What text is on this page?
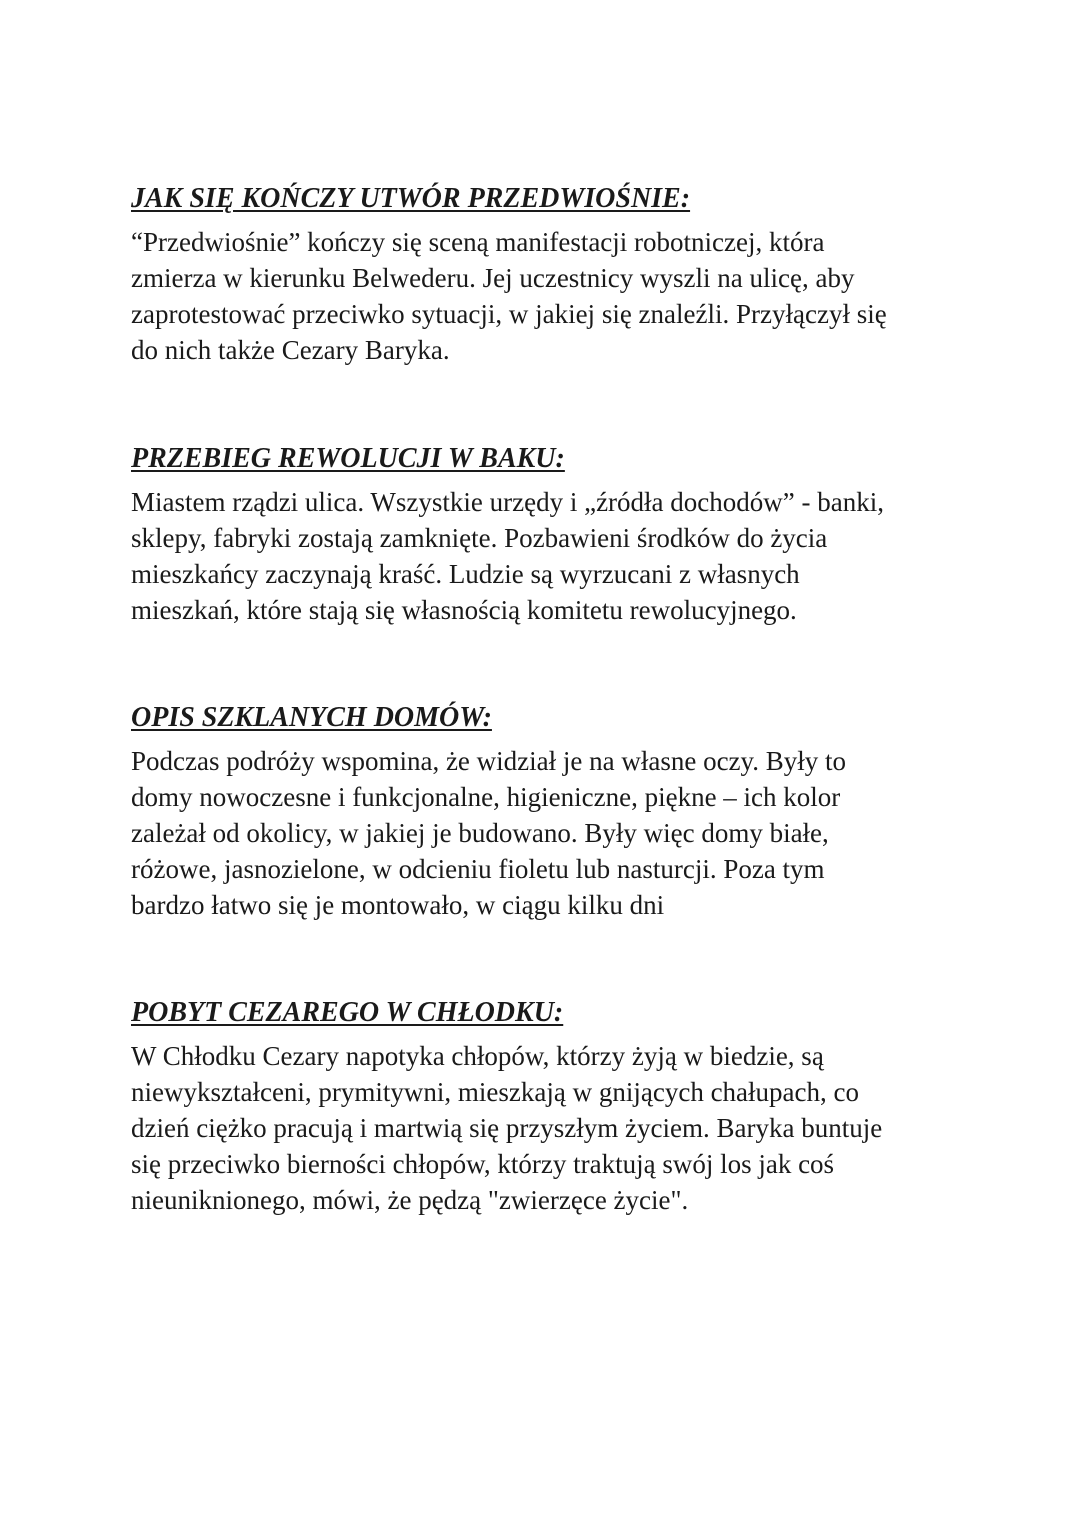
JAK SIĘ KOŃCZY UTWÓR PRZEDWIOŚNIE:

“Przedwiośnie” kończy się sceną manifestacji robotniczej, która
zmierza w kierunku Belwederu. Jej uczestnicy wyszli na ulicę, aby
zaprotestować przeciwko sytuacji, w jakiej się znaleźli. Przyłączył się
do nich także Cezary Baryka.

PRZEBIEG REWOLUCJI W BAKU:

Miastem rządzi ulica. Wszystkie urzędy i „źródła dochodów” - banki,
sklepy, fabryki zostają zamknięte. Pozbawieni środków do życia
mieszkańcy zaczynają kraść. Ludzie są wyrzucani z własnych
mieszkań, które stają się własnością komitetu rewolucyjnego.

OPIS SZKLANYCH DOMÓW:

Podczas podróży wspomina, że widział je na własne oczy. Były to
domy nowoczesne i funkcjonalne, higieniczne, piękne – ich kolor
zależał od okolicy, w jakiej je budowano. Były więc domy białe,
różowe, jasnozielone, w odcieniu fioletu lub nasturcji. Poza tym
bardzo łatwo się je montowało, w ciągu kilku dni

POBYT CEZAREGO W CHŁODKU:

W Chłodku Cezary napotyka chłopów, którzy żyją w biedzie, są
niewykształceni, prymitywni, mieszkają w gnijących chałupach, co
dzień ciężko pracują i martwią się przyszłym życiem. Baryka buntuje
się przeciwko bierności chłopów, którzy traktują swój los jak coś
nieuniknionego, mówi, że pędzą "zwierzęce życie".
